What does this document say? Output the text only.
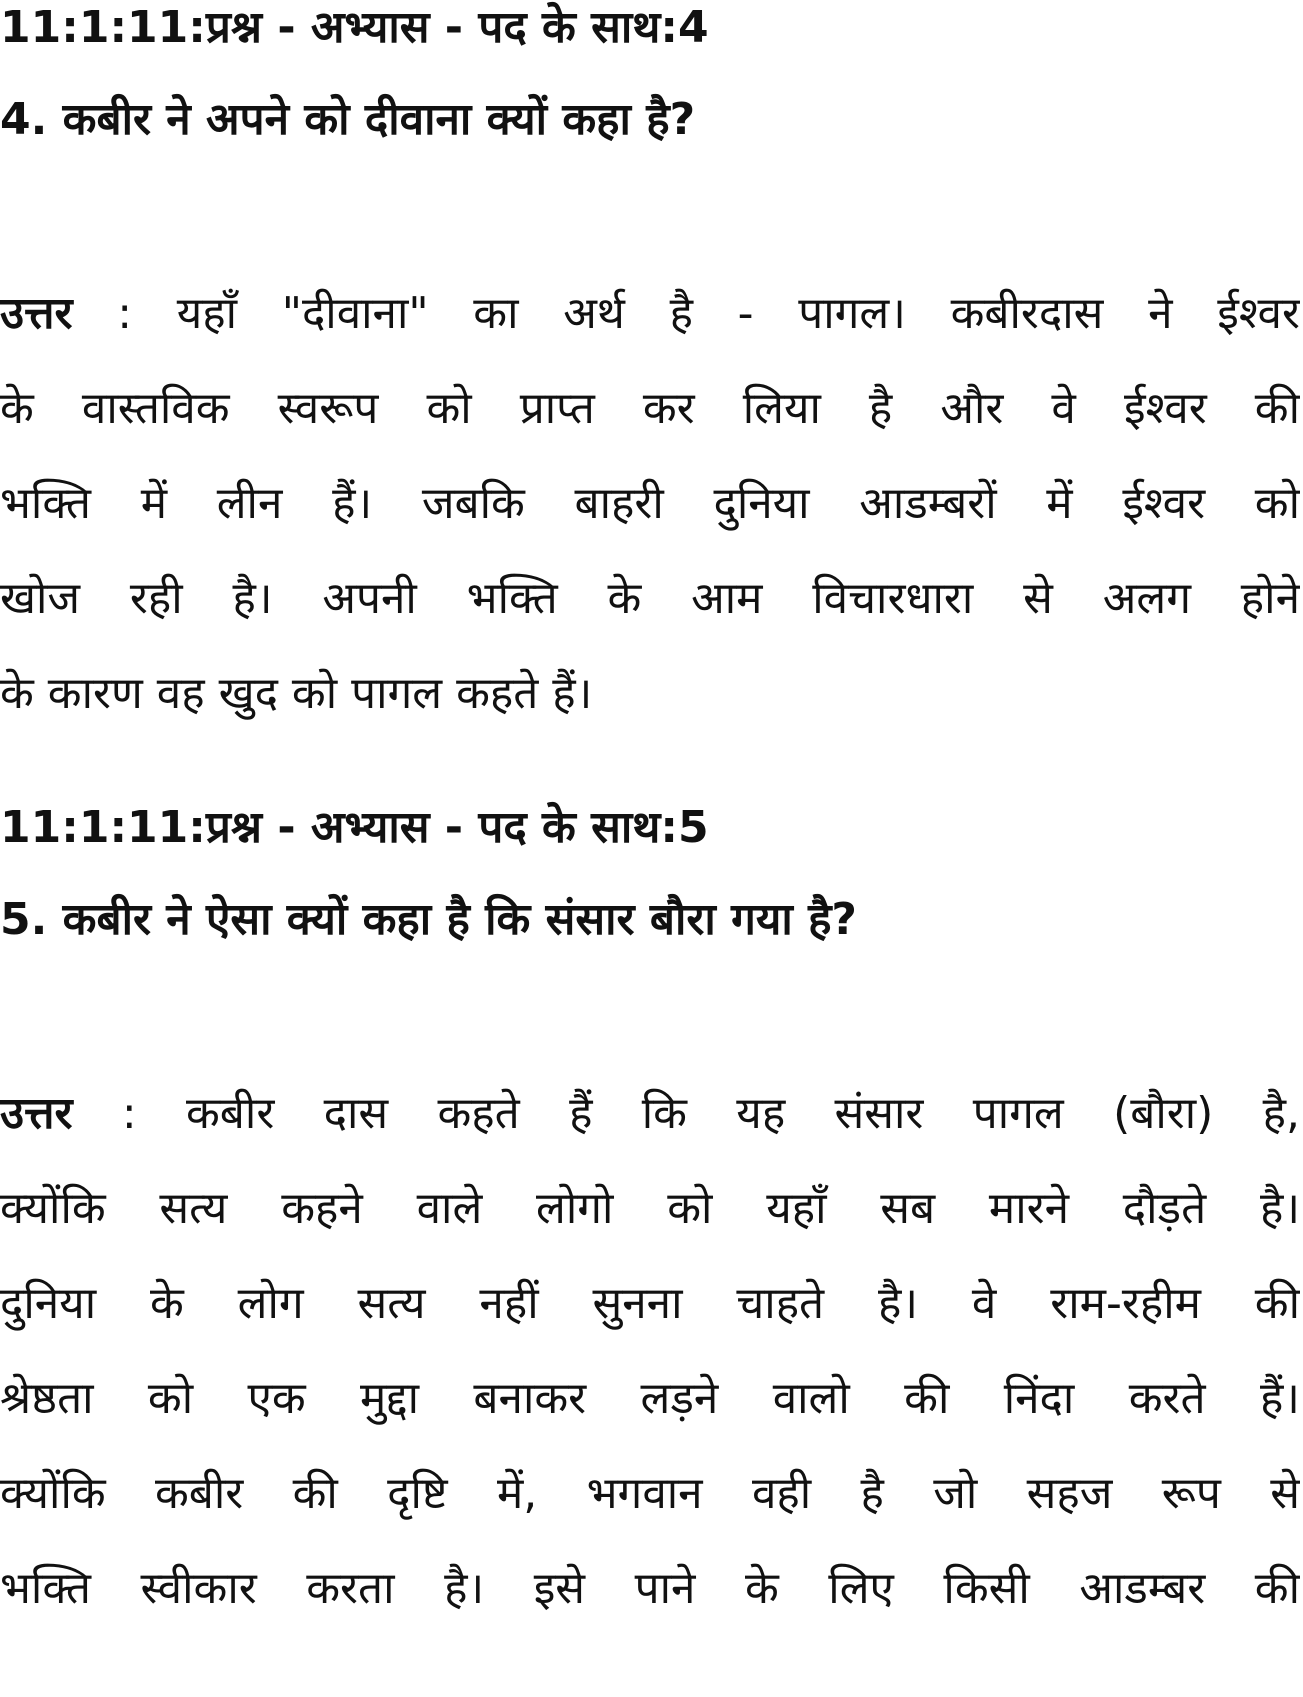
11:1:11:प्रश्न - अभ्यास - पद के साथ:4
4. कबीर ने अपने को दीवाना क्यों कहा है?
उत्तर : यहाँ "दीवाना" का अर्थ है - पागल। कबीरदास ने ईश्वर
के वास्तविक स्वरूप को प्राप्त कर लिया है और वे ईश्वर की
भक्ति में लीन हैं। जबकि बाहरी दुनिया आडम्बरों में ईश्वर को
खोज रही है। अपनी भक्ति के आम विचारधारा से अलग होने
के कारण वह खुद को पागल कहते हैं।
11:1:11:प्रश्न - अभ्यास - पद के साथ:5
5. कबीर ने ऐसा क्यों कहा है कि संसार बौरा गया है?
उत्तर : कबीर दास कहते हैं कि यह संसार पागल (बौरा) है,
क्योंकि सत्य कहने वाले लोगो को यहाँ सब मारने दौड़ते है।
दुनिया के लोग सत्य नहीं सुनना चाहते है। वे राम-रहीम की
श्रेष्ठता को एक मुद्दा बनाकर लड़ने वालो की निंदा करते हैं।
क्योंकि कबीर की दृष्टि में, भगवान वही है जो सहज रूप से
भक्ति स्वीकार करता है। इसे पाने के लिए किसी आडम्बर की
